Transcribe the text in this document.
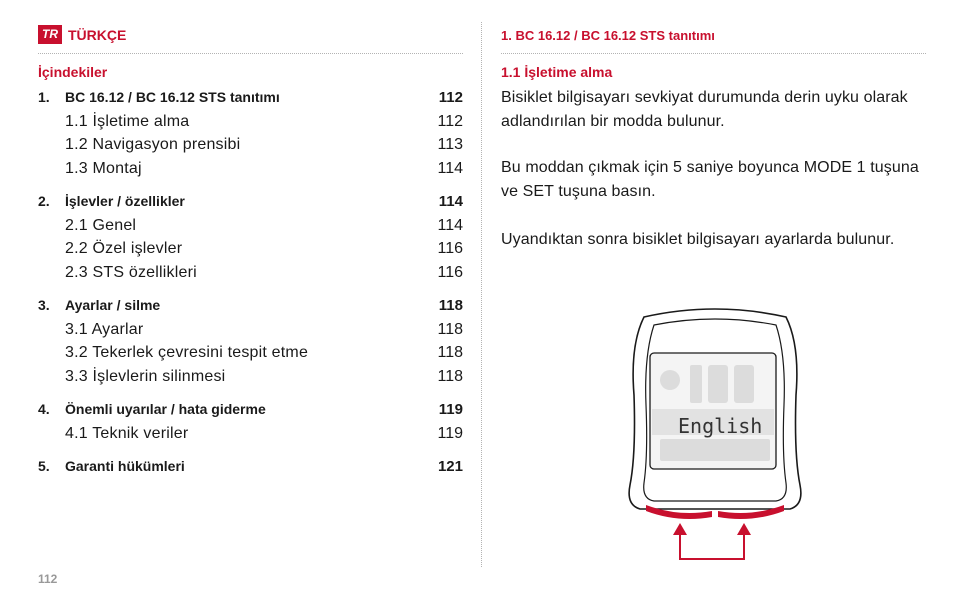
TR TÜRKÇE
İçindekiler
1. BC 16.12 / BC 16.12 STS tanıtımı	112
1.1 İşletime alma	112
1.2 Navigasyon prensibi	113
1.3 Montaj	114
2. İşlevler / özellikler	114
2.1 Genel	114
2.2 Özel işlevler	116
2.3 STS özellikleri	116
3. Ayarlar / silme	118
3.1 Ayarlar	118
3.2 Tekerlek çevresini tespit etme	118
3.3 İşlevlerin silinmesi	118
4. Önemli uyarılar / hata giderme	119
4.1 Teknik veriler	119
5. Garanti hükümleri	121
112
1. BC 16.12 / BC 16.12 STS tanıtımı
1.1 İşletime alma
Bisiklet bilgisayarı sevkiyat durumunda derin uyku olarak adlandırılan bir modda bulunur.
Bu moddan çıkmak için 5 saniye boyunca MODE 1 tuşuna ve SET tuşuna basın.
Uyandıktan sonra bisiklet bilgisayarı ayarlarda bulunur.
English
